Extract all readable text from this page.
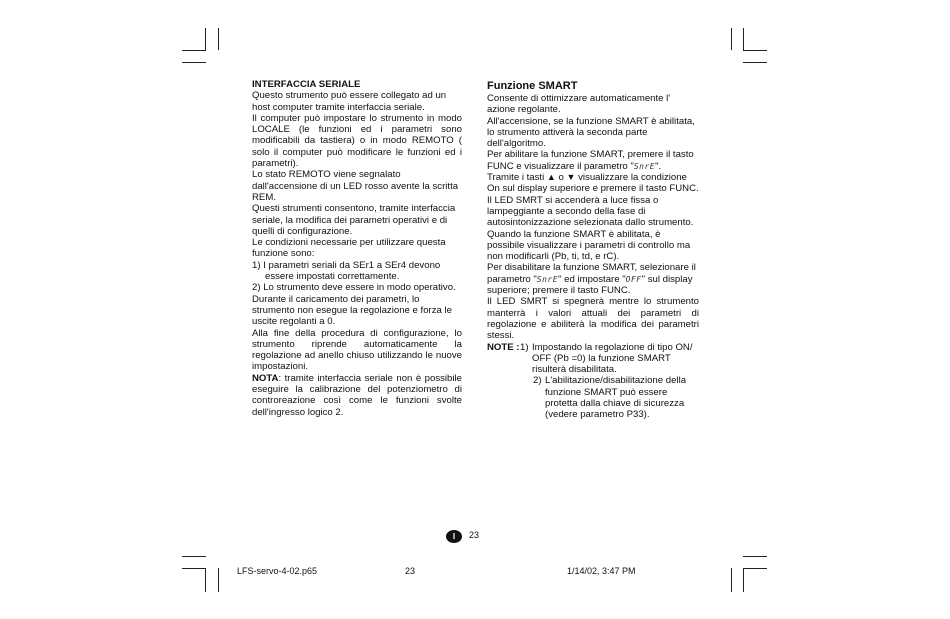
INTERFACCIA SERIALE

Questo strumento può essere collegato ad un host computer tramite interfaccia seriale.

Il computer può impostare lo strumento in modo LOCALE (le funzioni ed i parametri sono modificabili da tastiera) o in modo REMOTO ( solo il computer può modificare le funzioni ed i parametri).

Lo stato REMOTO viene segnalato dall'accensione di un LED rosso avente la scritta REM.

Questi strumenti consentono, tramite interfaccia seriale, la modifica dei parametri operativi e di quelli di configurazione.

Le condizioni necessarie per utilizzare questa funzione sono:

1) I parametri seriali da SEr1 a SEr4 devono essere impostati correttamente.

2) Lo strumento deve essere in modo operativo.

Durante il caricamento dei parametri, lo strumento non esegue la regolazione e forza le uscite regolanti a 0.

Alla fine della procedura di configurazione, lo strumento riprende automaticamente la regolazione ad anello chiuso utilizzando le nuove impostazioni.

NOTA: tramite interfaccia seriale non è possibile eseguire la calibrazione del potenziometro di controreazione così come le funzioni svolte dell'ingresso logico 2.

Funzione SMART

Consente di ottimizzare automaticamente l' azione regolante.

All'accensione, se la funzione SMART è abilitata, lo strumento attiverà la seconda parte dell'algoritmo.

Per abilitare la funzione SMART, premere il tasto FUNC e visualizzare il parametro "SnrE".

Tramite i tasti ▲ o ▼ visualizzare la condizione On sul display superiore e premere il tasto FUNC.

Il LED SMRT si accenderà a luce fissa o lampeggiante a secondo della fase di autosintonizzazione selezionata dallo strumento.

Quando la funzione SMART è abilitata, è possibile visualizzare i parametri di controllo ma non modificarli (Pb, ti, td, e rC).

Per disabilitare la funzione SMART, selezionare il parametro "SnrE" ed impostare "OFF" sul display superiore; premere il tasto FUNC.

Il LED SMRT si spegnerà mentre lo strumento manterrà i valori attuali dei parametri di regolazione e abiliterà la modifica dei parametri stessi.

NOTE : 1) Impostando la regolazione di tipo ON/ OFF (Pb =0) la funzione SMART risulterà disabilitata.
2) L'abilitazione/disabilitazione della funzione SMART può essere protetta dalla chiave di sicurezza (vedere parametro P33).
I	23
LFS-servo-4-02.p65	23	1/14/02, 3:47 PM
